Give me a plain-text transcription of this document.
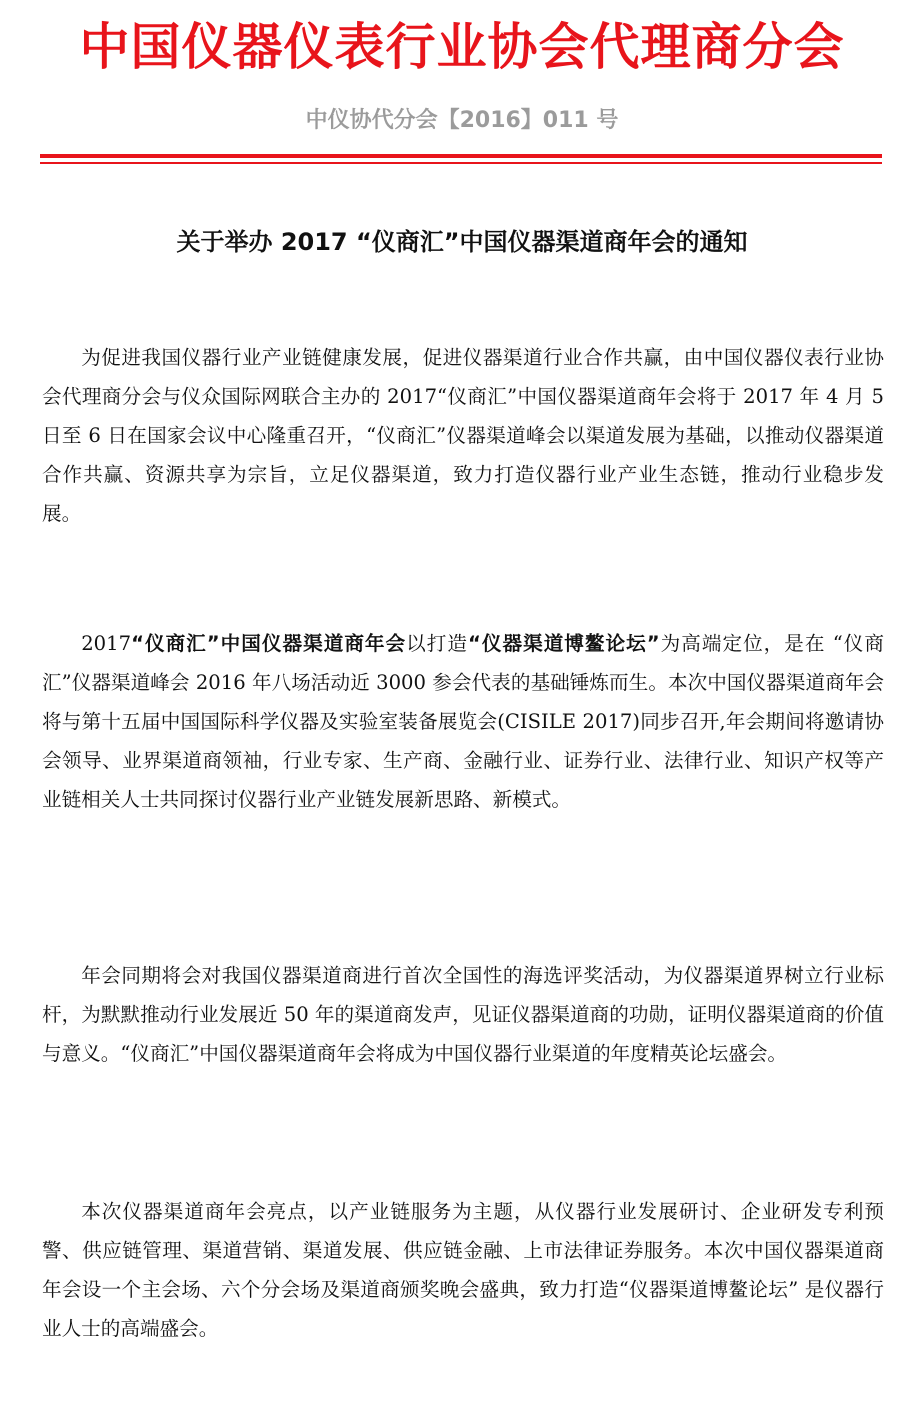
中国仪器仪表行业协会代理商分会
中仪协代分会【2016】011 号
关于举办 2017 “仪商汇”中国仪器渠道商年会的通知

为促进我国仪器行业产业链健康发展，促进仪器渠道行业合作共赢，由中国仪器仪表行业协会代理商分会与仪众国际网联合主办的 2017“仪商汇”中国仪器渠道商年会将于 2017 年 4 月 5 日至 6 日在国家会议中心隆重召开，“仪商汇”仪器渠道峰会以渠道发展为基础，以推动仪器渠道合作共赢、资源共享为宗旨，立足仪器渠道，致力打造仪器行业产业生态链，推动行业稳步发展。

2017“仪商汇”中国仪器渠道商年会以打造“仪器渠道博鳌论坛”为高端定位，是在 “仪商汇”仪器渠道峰会 2016 年八场活动近 3000 参会代表的基础锤炼而生。本次中国仪器渠道商年会将与第十五届中国国际科学仪器及实验室装备展览会(CISILE 2017)同步召开,年会期间将邀请协会领导、业界渠道商领袖，行业专家、生产商、金融行业、证券行业、法律行业、知识产权等产业链相关人士共同探讨仪器行业产业链发展新思路、新模式。

年会同期将会对我国仪器渠道商进行首次全国性的海选评奖活动，为仪器渠道界树立行业标杆，为默默推动行业发展近 50 年的渠道商发声，见证仪器渠道商的功勋，证明仪器渠道商的价值与意义。“仪商汇”中国仪器渠道商年会将成为中国仪器行业渠道的年度精英论坛盛会。

本次仪器渠道商年会亮点，以产业链服务为主题，从仪器行业发展研讨、企业研发专利预警、供应链管理、渠道营销、渠道发展、供应链金融、上市法律证券服务。本次中国仪器渠道商年会设一个主会场、六个分会场及渠道商颁奖晚会盛典，致力打造“仪器渠道博鳌论坛” 是仪器行业人士的高端盛会。
